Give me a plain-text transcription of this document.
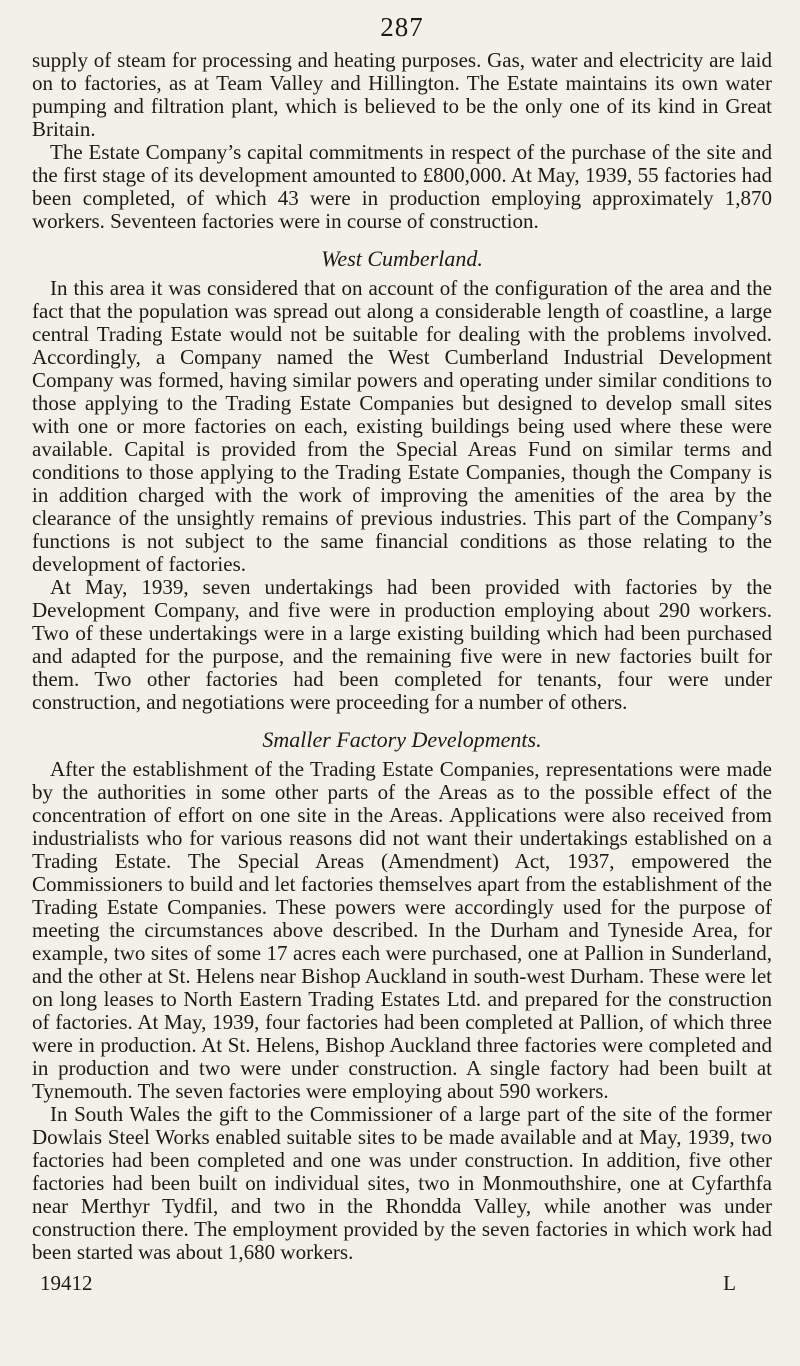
287

supply of steam for processing and heating purposes. Gas, water and electricity are laid on to factories, as at Team Valley and Hillington. The Estate maintains its own water pumping and filtration plant, which is believed to be the only one of its kind in Great Britain.

The Estate Company’s capital commitments in respect of the purchase of the site and the first stage of its development amounted to £800,000. At May, 1939, 55 factories had been completed, of which 43 were in production employing approximately 1,870 workers. Seventeen factories were in course of construction.

West Cumberland.

In this area it was considered that on account of the configuration of the area and the fact that the population was spread out along a considerable length of coastline, a large central Trading Estate would not be suitable for dealing with the problems involved. Accordingly, a Company named the West Cumberland Industrial Development Company was formed, having similar powers and operating under similar conditions to those applying to the Trading Estate Companies but designed to develop small sites with one or more factories on each, existing buildings being used where these were available. Capital is provided from the Special Areas Fund on similar terms and conditions to those applying to the Trading Estate Companies, though the Company is in addition charged with the work of improving the amenities of the area by the clearance of the unsightly remains of previous industries. This part of the Company’s functions is not subject to the same financial conditions as those relating to the development of factories.

At May, 1939, seven undertakings had been provided with factories by the Development Company, and five were in production employing about 290 workers. Two of these undertakings were in a large existing building which had been purchased and adapted for the purpose, and the remaining five were in new factories built for them. Two other factories had been completed for tenants, four were under construction, and negotiations were proceeding for a number of others.

Smaller Factory Developments.

After the establishment of the Trading Estate Companies, representations were made by the authorities in some other parts of the Areas as to the possible effect of the concentration of effort on one site in the Areas. Applications were also received from industrialists who for various reasons did not want their undertakings established on a Trading Estate. The Special Areas (Amendment) Act, 1937, empowered the Commissioners to build and let factories themselves apart from the establishment of the Trading Estate Companies. These powers were accordingly used for the purpose of meeting the circumstances above described. In the Durham and Tyneside Area, for example, two sites of some 17 acres each were purchased, one at Pallion in Sunderland, and the other at St. Helens near Bishop Auckland in south-west Durham. These were let on long leases to North Eastern Trading Estates Ltd. and prepared for the construction of factories. At May, 1939, four factories had been completed at Pallion, of which three were in production. At St. Helens, Bishop Auckland three factories were completed and in production and two were under construction. A single factory had been built at Tynemouth. The seven factories were employing about 590 workers.

In South Wales the gift to the Commissioner of a large part of the site of the former Dowlais Steel Works enabled suitable sites to be made available and at May, 1939, two factories had been completed and one was under construction. In addition, five other factories had been built on individual sites, two in Monmouthshire, one at Cyfarthfa near Merthyr Tydfil, and two in the Rhondda Valley, while another was under construction there. The employment provided by the seven factories in which work had been started was about 1,680 workers.

19412	L
